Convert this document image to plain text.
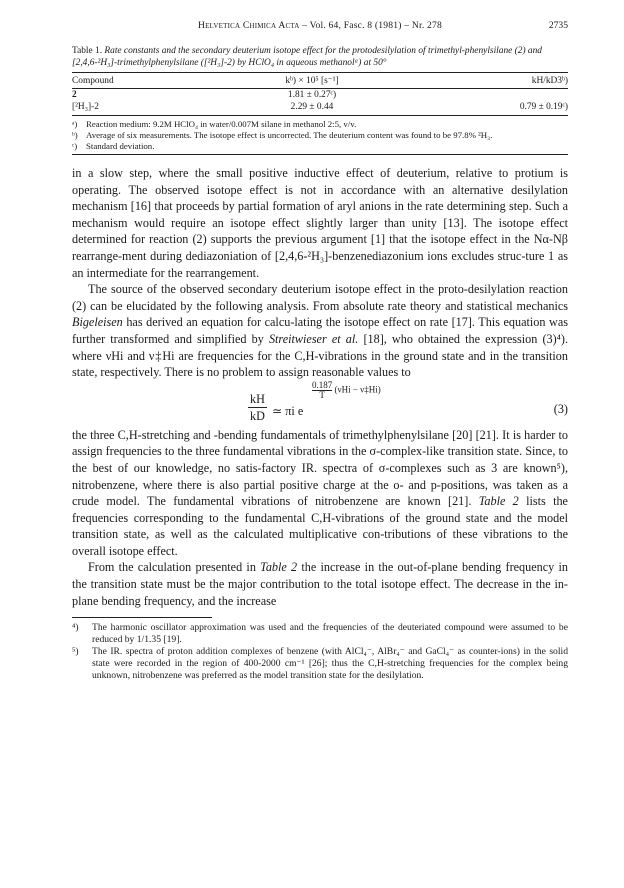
Helvetica Chimica Acta – Vol. 64, Fasc. 8 (1981) – Nr. 278	2735
Table 1. Rate constants and the secondary deuterium isotope effect for the protodesilylation of trimethyl-phenylsilane (2) and [2,4,6-²H₃]-trimethylphenylsilane ([²H₃]-2) by HClO₄ in aqueous methanolᵃ) at 50°
Compound	kᵇ) × 10⁵ [s⁻¹]	kH/kD3ᵇ)
2	1.81 ± 0.27ᶜ)	
[²H₃]-2	2.29 ± 0.44	0.79 ± 0.19ᶜ)
ᵃ) Reaction medium: 9.2M HClO₄ in water/0.007M silane in methanol 2:5, v/v.
ᵇ) Average of six measurements. The isotope effect is uncorrected. The deuterium content was found to be 97.8% ²H₃.
ᶜ)	Standard deviation.

in a slow step, where the small positive inductive effect of deuterium, relative to protium is operating. The observed isotope effect is not in accordance with an alternative desilylation mechanism [16] that proceeds by partial formation of aryl anions in the rate determining step. Such a mechanism would require an isotope effect slightly larger than unity [13]. The isotope effect determined for reaction (2) supports the previous argument [1] that the isotope effect in the Nα-Nβ rearrange-ment during dediazoniation of [2,4,6-²H₃]-benzenediazonium ions excludes struc-ture 1 as an intermediate for the rearrangement.

The source of the observed secondary deuterium isotope effect in the proto-desilylation reaction (2) can be elucidated by the following analysis. From absolute rate theory and statistical mechanics Bigeleisen has derived an equation for calcu-lating the isotope effect on rate [17]. This equation was further transformed and simplified by Streitwieser et al. [18], who obtained the expression (3)⁴). where νHi and ν‡Hi are frequencies for the C,H-vibrations in the ground state and in the transition state, respectively. There is no problem to assign reasonable values to

$\frac{kH}{kD}$ ≃ πi e
$\frac{0.187}{T} (\nu Hi$ − ν‡Hi)
(3)

the three C,H-stretching and -bending fundamentals of trimethylphenylsilane [20] [21]. It is harder to assign frequencies to the three fundamental vibrations in the σ-complex-like transition state. Since, to the best of our knowledge, no satis-factory IR. spectra of σ-complexes such as 3 are known⁵), nitrobenzene, where there is also partial positive charge at the o- and p-positions, was taken as a crude model. The fundamental vibrations of nitrobenzene are known [21]. Table 2 lists the frequencies corresponding to the fundamental C,H-vibrations of the ground state and the model transition state, as well as the calculated multiplicative con-tributions of these vibrations to the overall isotope effect.

From the calculation presented in Table 2 the increase in the out-of-plane bending frequency in the transition state must be the major contribution to the total isotope effect. The decrease in the in-plane bending frequency, and the increase

⁴)	The harmonic oscillator approximation was used and the frequencies of the deuteriated compound were assumed to be reduced by 1/1.35 [19].
⁵)	The IR. spectra of proton addition complexes of benzene (with AlCl₄⁻, AlBr₄⁻ and GaCl₄⁻ as counter-ions) in the solid state were recorded in the region of 400-2000 cm⁻¹ [26]; thus the C,H-stretching frequencies for the complex being unknown, nitrobenzene was preferred as the model transition state for the desilylation.
